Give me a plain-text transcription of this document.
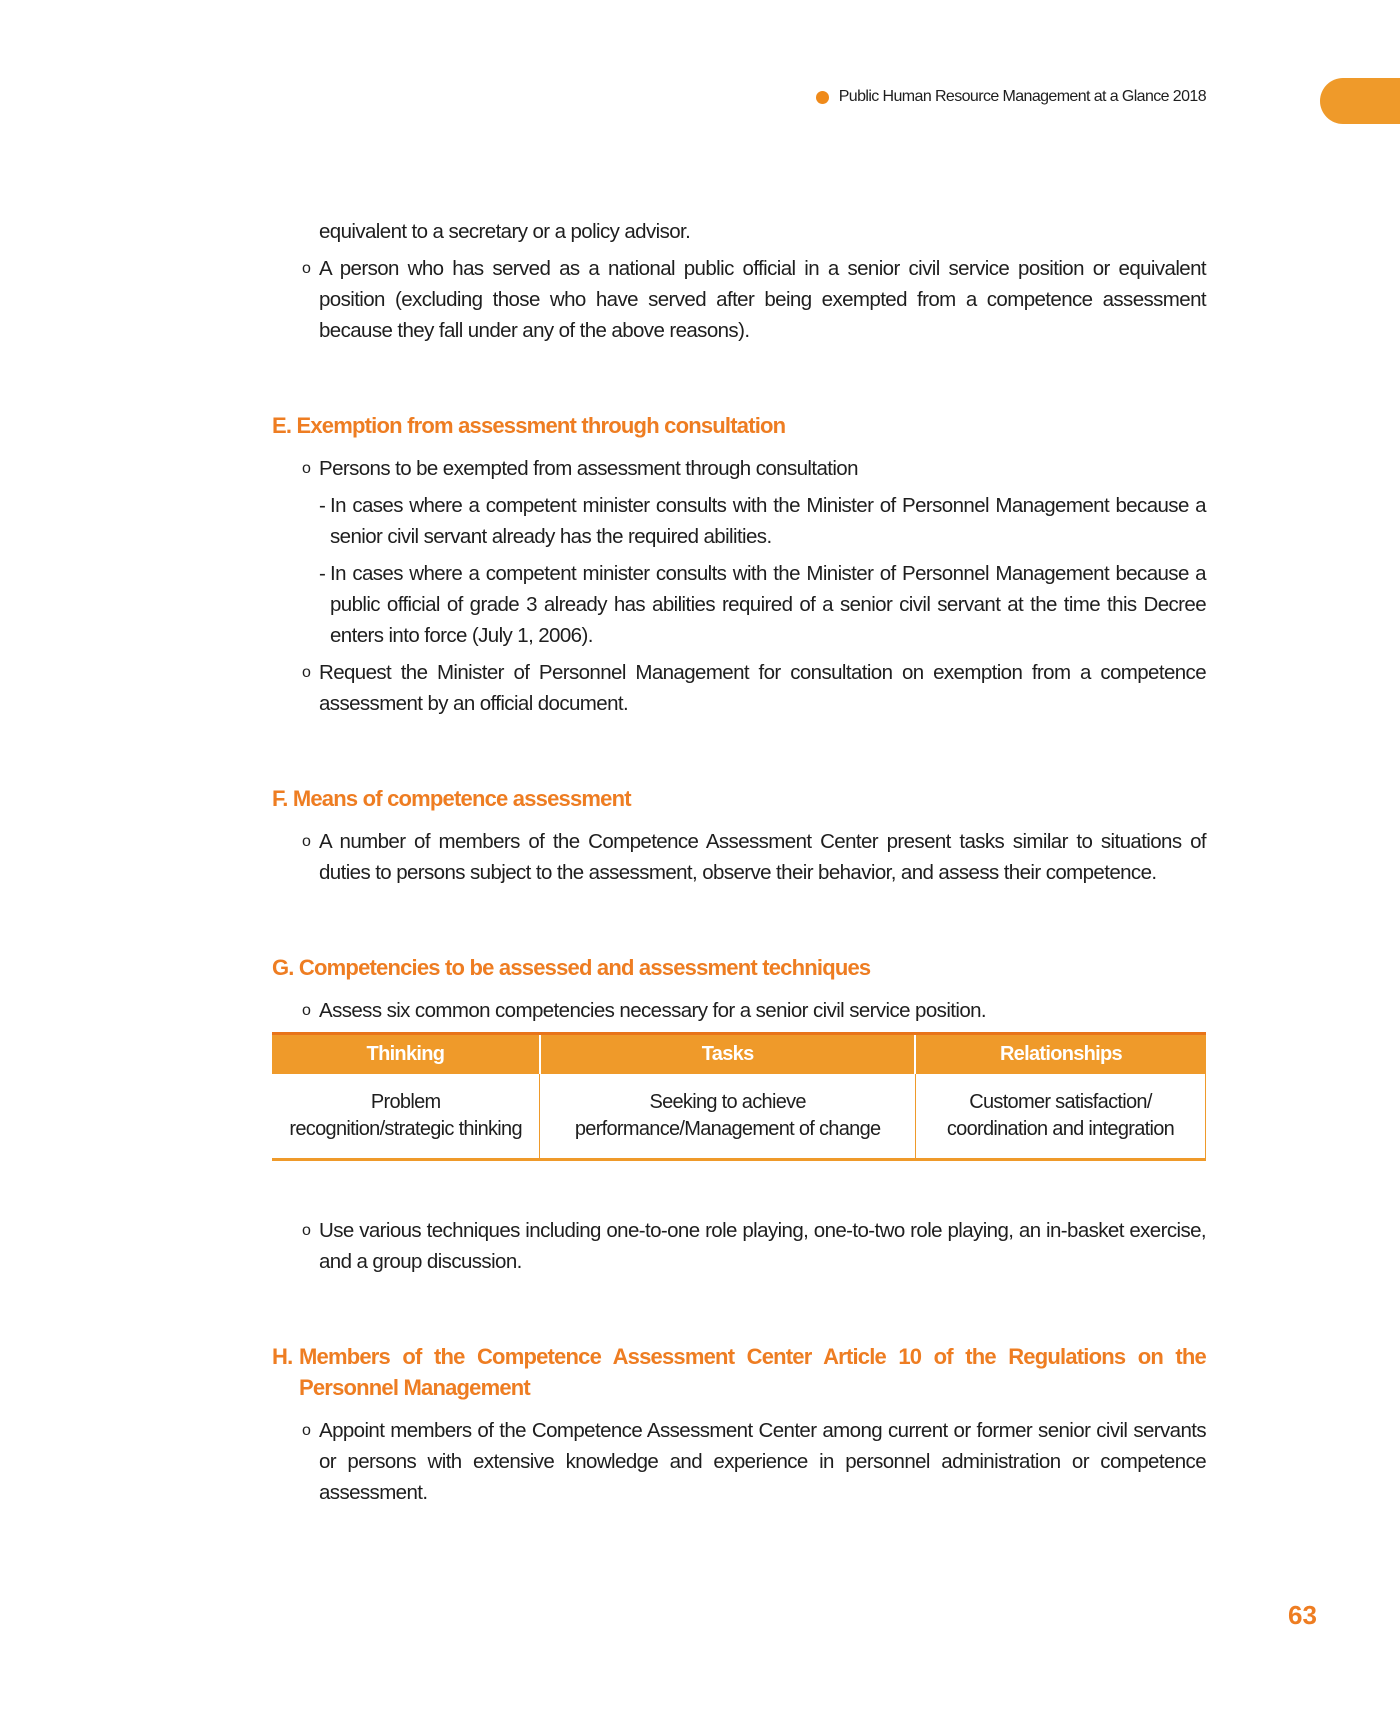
Public Human Resource Management at a Glance 2018

equivalent to a secretary or a policy advisor.

o A person who has served as a national public official in a senior civil service position or equivalent position (excluding those who have served after being exempted from a competence assessment because they fall under any of the above reasons).
E. Exemption from assessment through consultation
o Persons to be exempted from assessment through consultation
- In cases where a competent minister consults with the Minister of Personnel Management because a senior civil servant already has the required abilities.
- In cases where a competent minister consults with the Minister of Personnel Management because a public official of grade 3 already has abilities required of a senior civil servant at the time this Decree enters into force (July 1, 2006).
o Request the Minister of Personnel Management for consultation on exemption from a competence assessment by an official document.
F. Means of competence assessment
o A number of members of the Competence Assessment Center present tasks similar to situations of duties to persons subject to the assessment, observe their behavior, and assess their competence.
G. Competencies to be assessed and assessment techniques
o Assess six common competencies necessary for a senior civil service position.
Thinking	Tasks	Relationships
Problem recognition/strategic thinking	Seeking to achieve performance/Management of change	Customer satisfaction/ coordination and integration
o Use various techniques including one-to-one role playing, one-to-two role playing, an in-basket exercise, and a group discussion.
H. Members of the Competence Assessment Center Article 10 of the Regulations on the Personnel Management
o Appoint members of the Competence Assessment Center among current or former senior civil servants or persons with extensive knowledge and experience in personnel administration or competence assessment.
63
